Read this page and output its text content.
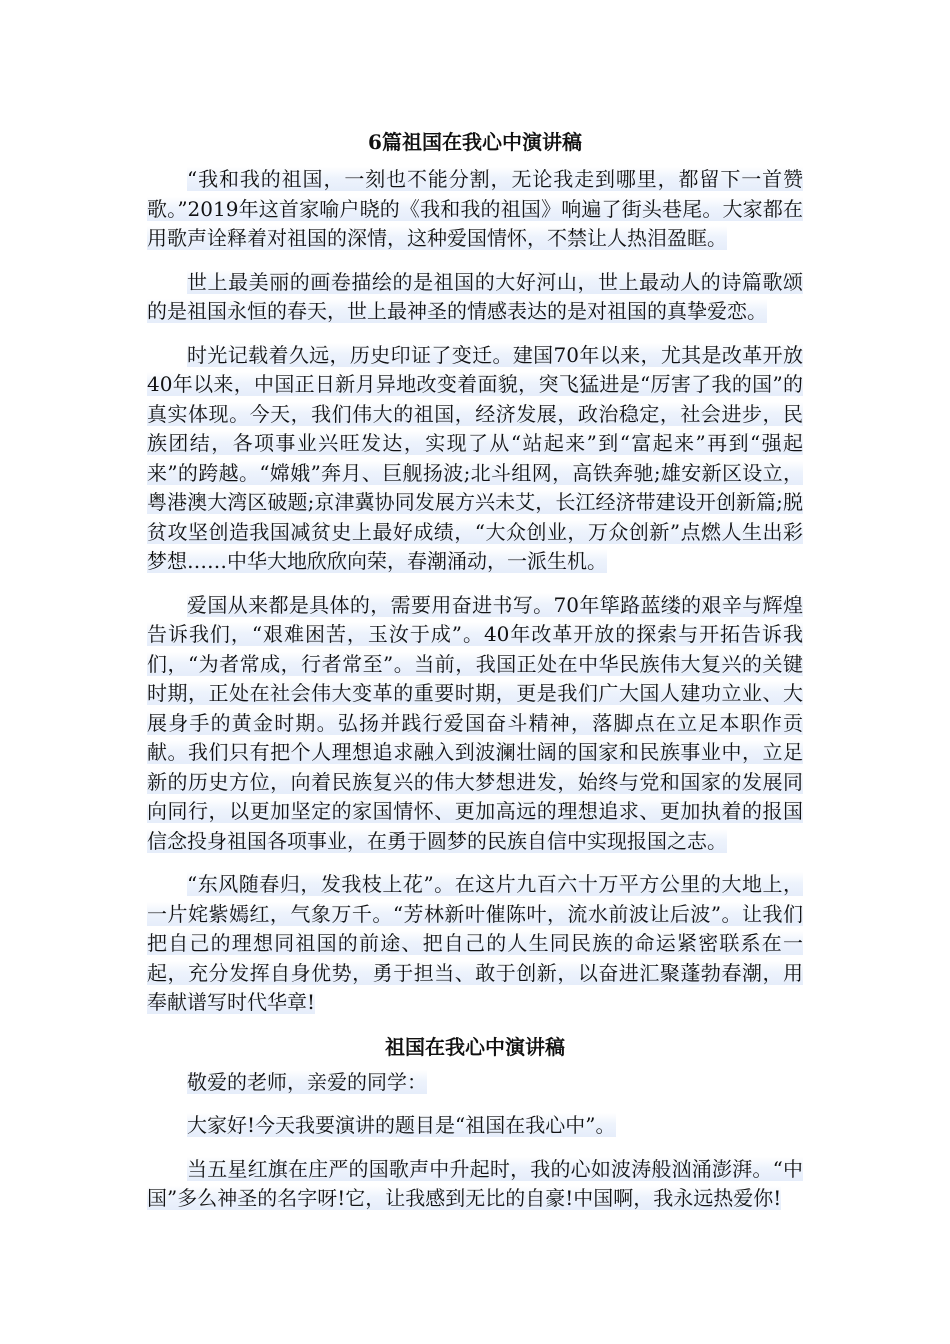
6篇祖国在我心中演讲稿

“我和我的祖国，一刻也不能分割，无论我走到哪里，都留下一首赞歌。”2019年这首家喻户晓的《我和我的祖国》响遍了街头巷尾。大家都在用歌声诠释着对祖国的深情，这种爱国情怀，不禁让人热泪盈眶。

世上最美丽的画卷描绘的是祖国的大好河山，世上最动人的诗篇歌颂的是祖国永恒的春天，世上最神圣的情感表达的是对祖国的真挚爱恋。

时光记载着久远，历史印证了变迁。建国70年以来，尤其是改革开放40年以来，中国正日新月异地改变着面貌，突飞猛进是“厉害了我的国”的真实体现。今天，我们伟大的祖国，经济发展，政治稳定，社会进步，民族团结，各项事业兴旺发达，实现了从“站起来”到“富起来”再到“强起来”的跨越。“嫦娥”奔月、巨舰扬波;北斗组网，高铁奔驰;雄安新区设立，粤港澳大湾区破题;京津冀协同发展方兴未艾，长江经济带建设开创新篇;脱贫攻坚创造我国减贫史上最好成绩，“大众创业，万众创新”点燃人生出彩梦想……中华大地欣欣向荣，春潮涌动，一派生机。

爱国从来都是具体的，需要用奋进书写。70年筚路蓝缕的艰辛与辉煌告诉我们，“艰难困苦，玉汝于成”。40年改革开放的探索与开拓告诉我们，“为者常成，行者常至”。当前，我国正处在中华民族伟大复兴的关键时期，正处在社会伟大变革的重要时期，更是我们广大国人建功立业、大展身手的黄金时期。弘扬并践行爱国奋斗精神，落脚点在立足本职作贡献。我们只有把个人理想追求融入到波澜壮阔的国家和民族事业中，立足新的历史方位，向着民族复兴的伟大梦想进发，始终与党和国家的发展同向同行，以更加坚定的家国情怀、更加高远的理想追求、更加执着的报国信念投身祖国各项事业，在勇于圆梦的民族自信中实现报国之志。

“东风随春归，发我枝上花”。在这片九百六十万平方公里的大地上，一片姹紫嫣红，气象万千。“芳林新叶催陈叶，流水前波让后波”。让我们把自己的理想同祖国的前途、把自己的人生同民族的命运紧密联系在一起，充分发挥自身优势，勇于担当、敢于创新，以奋进汇聚蓬勃春潮，用奉献谱写时代华章!

祖国在我心中演讲稿

敬爱的老师，亲爱的同学：

大家好!今天我要演讲的题目是“祖国在我心中”。

当五星红旗在庄严的国歌声中升起时，我的心如波涛般汹涌澎湃。“中国”多么神圣的名字呀!它，让我感到无比的自豪!中国啊，我永远热爱你!
